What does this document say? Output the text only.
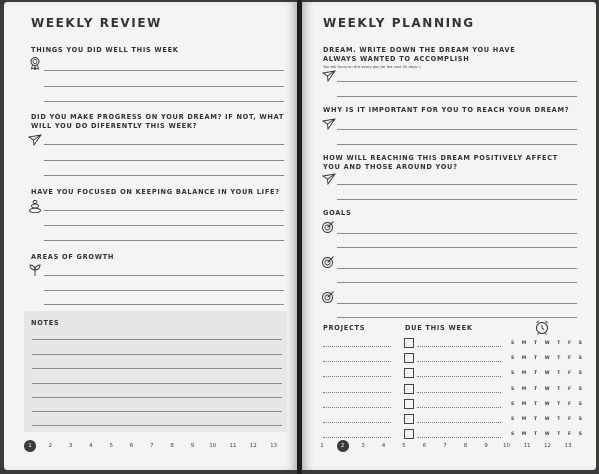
WEEKLY REVIEW
THINGS YOU DID WELL THIS WEEK
DID YOU MAKE PROGRESS ON YOUR DREAM? IF NOT, WHAT WILL YOU DO DIFERENTLY THIS WEEK?
HAVE YOU FOCUSED ON KEEPING BALANCE IN YOUR LIFE?
AREAS OF GROWTH
NOTES
1	2	3	4	5	6	7	8	9	10	11	12	13
WEEKLY PLANNING
DREAM. WRITE DOWN THE DREAM YOU HAVE ALWAYS WANTED TO ACCOMPLISH
You will focus on this every day for the next 90 days :)
WHY IS IT IMPORTANT FOR YOU TO REACH YOUR DREAM?
HOW WILL REACHING THIS DREAM POSITIVELY AFFECT YOU AND THOSE AROUND YOU?
GOALS
PROJECTS	DUE THIS WEEK
S M T W T F S
S M T W T F S
S M T W T F S
S M T W T F S
S M T W T F S
S M T W T F S
S M T W T F S
1	2	3	4	5	6	7	8	9	10	11	12	13
